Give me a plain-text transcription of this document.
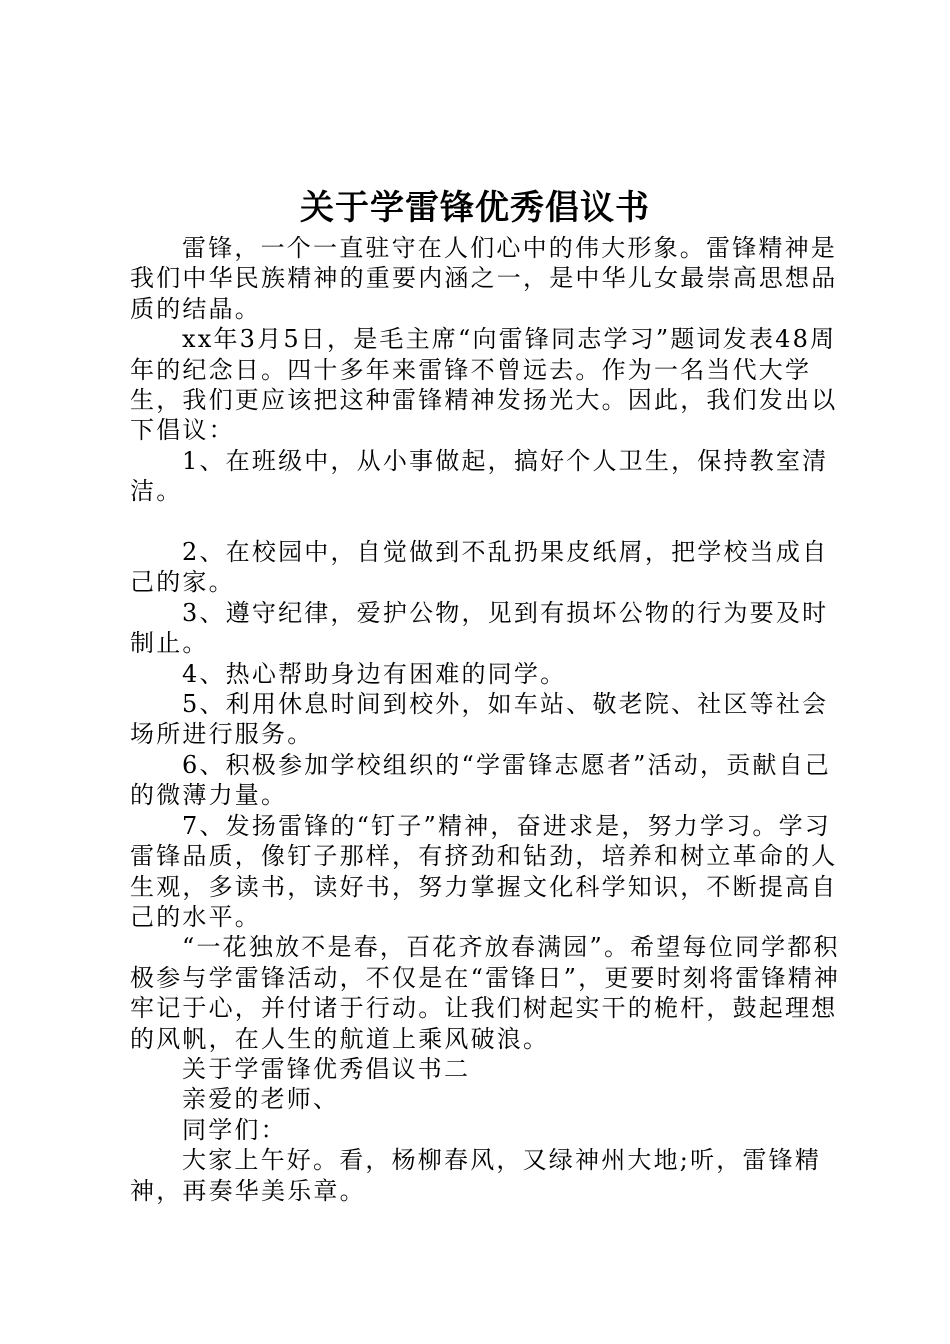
关于学雷锋优秀倡议书

雷锋，一个一直驻守在人们心中的伟大形象。雷锋精神是我们中华民族精神的重要内涵之一，是中华儿女最崇高思想品质的结晶。

xx年3月5日，是毛主席“向雷锋同志学习”题词发表48周年的纪念日。四十多年来雷锋不曾远去。作为一名当代大学生，我们更应该把这种雷锋精神发扬光大。因此，我们发出以下倡议：

1、在班级中，从小事做起，搞好个人卫生，保持教室清洁。

2、在校园中，自觉做到不乱扔果皮纸屑，把学校当成自己的家。

3、遵守纪律，爱护公物，见到有损坏公物的行为要及时制止。

4、热心帮助身边有困难的同学。

5、利用休息时间到校外，如车站、敬老院、社区等社会场所进行服务。

6、积极参加学校组织的“学雷锋志愿者”活动，贡献自己的微薄力量。

7、发扬雷锋的“钉子”精神，奋进求是，努力学习。学习雷锋品质，像钉子那样，有挤劲和钻劲，培养和树立革命的人生观，多读书，读好书，努力掌握文化科学知识，不断提高自己的水平。

“一花独放不是春，百花齐放春满园”。希望每位同学都积极参与学雷锋活动，不仅是在“雷锋日”，更要时刻将雷锋精神牢记于心，并付诸于行动。让我们树起实干的桅杆，鼓起理想的风帆，在人生的航道上乘风破浪。

关于学雷锋优秀倡议书二

亲爱的老师、

同学们：

大家上午好。看，杨柳春风，又绿神州大地;听，雷锋精神，再奏华美乐章。
